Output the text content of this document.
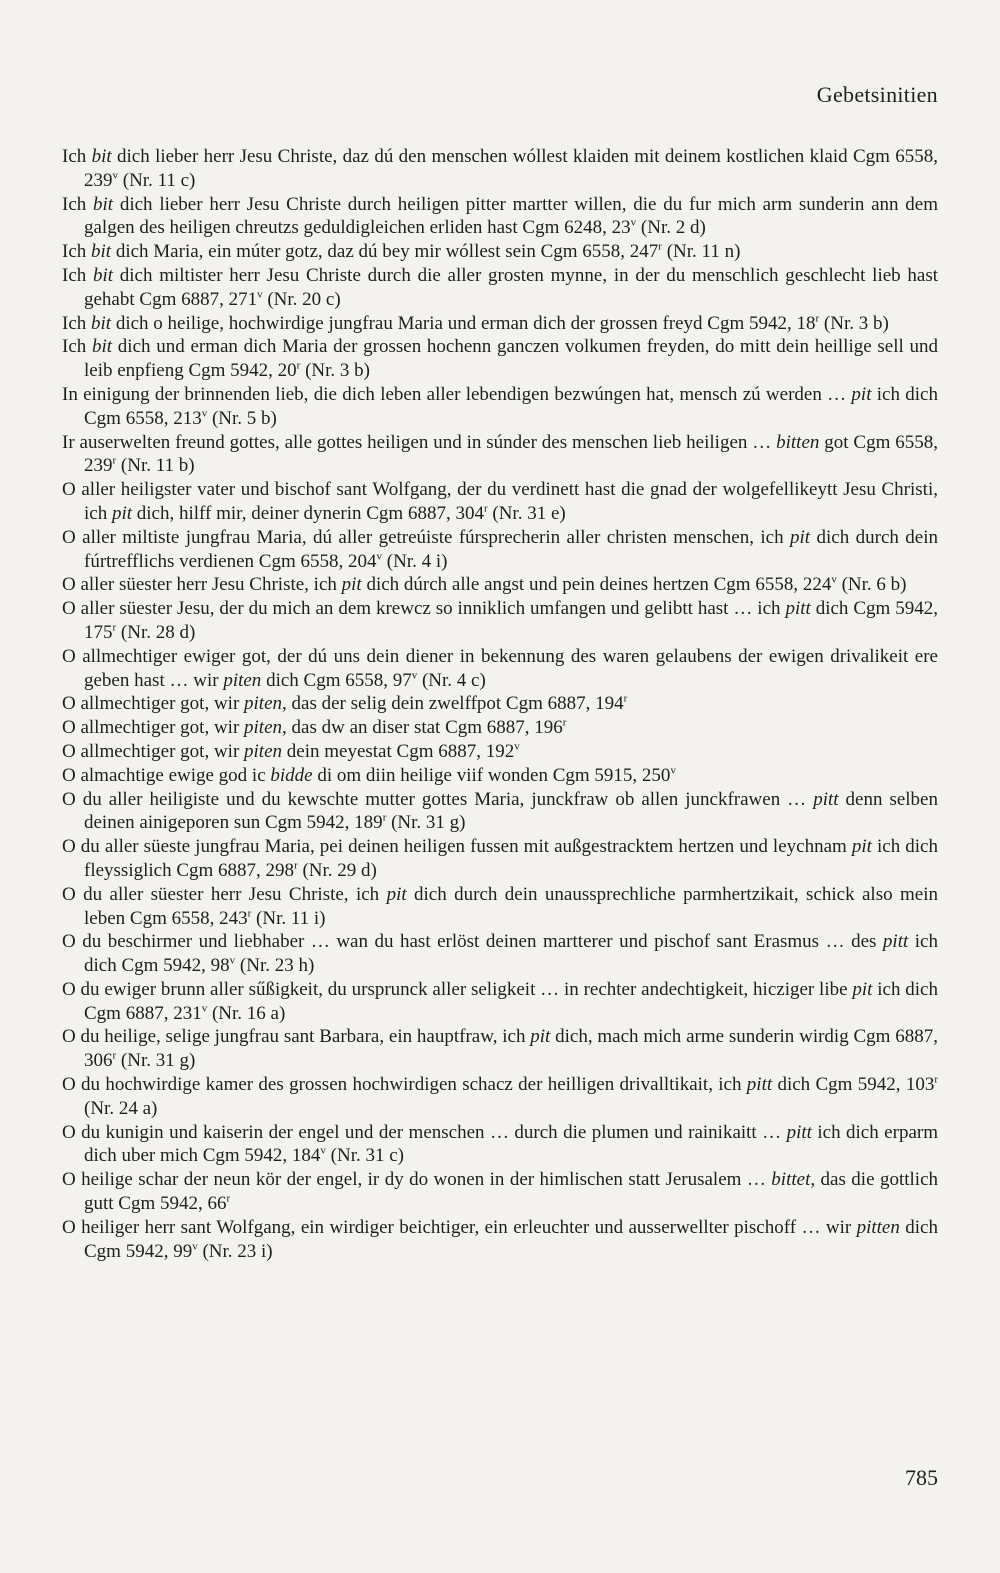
Gebetsinitien

Ich bit dich lieber herr Jesu Christe, daz dú den menschen wóllest klaiden mit deinem kostlichen klaid Cgm 6558, 239$^v$ (Nr. 11 c)

Ich bit dich lieber herr Jesu Christe durch heiligen pitter martter willen, die du fur mich arm sunderin ann dem galgen des heiligen chreutzs geduldigleichen erliden hast Cgm 6248, 23$^v$ (Nr. 2 d)

Ich bit dich Maria, ein múter gotz, daz dú bey mir wóllest sein Cgm 6558, 247$^r$ (Nr. 11 n)

Ich bit dich miltister herr Jesu Christe durch die aller grosten mynne, in der du menschlich geschlecht lieb hast gehabt Cgm 6887, 271$^v$ (Nr. 20 c)

Ich bit dich o heilige, hochwirdige jungfrau Maria und erman dich der grossen freyd Cgm 5942, 18$^r$ (Nr. 3 b)

Ich bit dich und erman dich Maria der grossen hochenn ganczen volkumen freyden, do mitt dein heillige sell und leib enpfieng Cgm 5942, 20$^r$ (Nr. 3 b)

In einigung der brinnenden lieb, die dich leben aller lebendigen bezwúngen hat, mensch zú werden … pit ich dich Cgm 6558, 213$^v$ (Nr. 5 b)

Ir auserwelten freund gottes, alle gottes heiligen und in súnder des menschen lieb heiligen … bitten got Cgm 6558, 239$^r$ (Nr. 11 b)

O aller heiligster vater und bischof sant Wolfgang, der du verdinett hast die gnad der wolgefellikeytt Jesu Christi, ich pit dich, hilff mir, deiner dynerin Cgm 6887, 304$^r$ (Nr. 31 e)

O aller miltiste jungfrau Maria, dú aller getreúiste fúrsprecherin aller christen menschen, ich pit dich durch dein fúrtrefflichs verdienen Cgm 6558, 204$^v$ (Nr. 4 i)

O aller süester herr Jesu Christe, ich pit dich dúrch alle angst und pein deines hertzen Cgm 6558, 224$^v$ (Nr. 6 b)

O aller süester Jesu, der du mich an dem krewcz so inniklich umfangen und gelibtt hast … ich pitt dich Cgm 5942, 175$^r$ (Nr. 28 d)

O allmechtiger ewiger got, der dú uns dein diener in bekennung des waren gelaubens der ewigen drivalikeit ere geben hast … wir piten dich Cgm 6558, 97$^v$ (Nr. 4 c)

O allmechtiger got, wir piten, das der selig dein zwelffpot Cgm 6887, 194$^r$

O allmechtiger got, wir piten, das dw an diser stat Cgm 6887, 196$^r$

O allmechtiger got, wir piten dein meyestat Cgm 6887, 192$^v$

O almachtige ewige god ic bidde di om diin heilige viif wonden Cgm 5915, 250$^v$

O du aller heiligiste und du kewschte mutter gottes Maria, junckfraw ob allen junckfrawen … pitt denn selben deinen ainigeporen sun Cgm 5942, 189$^r$ (Nr. 31 g)

O du aller süeste jungfrau Maria, pei deinen heiligen fussen mit außgestracktem hertzen und leychnam pit ich dich fleyssiglich Cgm 6887, 298$^r$ (Nr. 29 d)

O du aller süester herr Jesu Christe, ich pit dich durch dein unaussprechliche parmhertzikait, schick also mein leben Cgm 6558, 243$^r$ (Nr. 11 i)

O du beschirmer und liebhaber … wan du hast erlöst deinen martterer und pischof sant Erasmus … des pitt ich dich Cgm 5942, 98$^v$ (Nr. 23 h)

O du ewiger brunn aller sűßigkeit, du ursprunck aller seligkeit … in rechter andechtigkeit, hicziger libe pit ich dich Cgm 6887, 231$^v$ (Nr. 16 a)

O du heilige, selige jungfrau sant Barbara, ein hauptfraw, ich pit dich, mach mich arme sunderin wirdig Cgm 6887, 306$^r$ (Nr. 31 g)

O du hochwirdige kamer des grossen hochwirdigen schacz der heilligen drivalltikait, ich pitt dich Cgm 5942, 103$^r$ (Nr. 24 a)

O du kunigin und kaiserin der engel und der menschen … durch die plumen und rainikaitt … pitt ich dich erparm dich uber mich Cgm 5942, 184$^v$ (Nr. 31 c)

O heilige schar der neun kör der engel, ir dy do wonen in der himlischen statt Jerusalem … bittet, das die gottlich gutt Cgm 5942, 66$^r$

O heiliger herr sant Wolfgang, ein wirdiger beichtiger, ein erleuchter und ausserwellter pischoff … wir pitten dich Cgm 5942, 99$^v$ (Nr. 23 i)

785
